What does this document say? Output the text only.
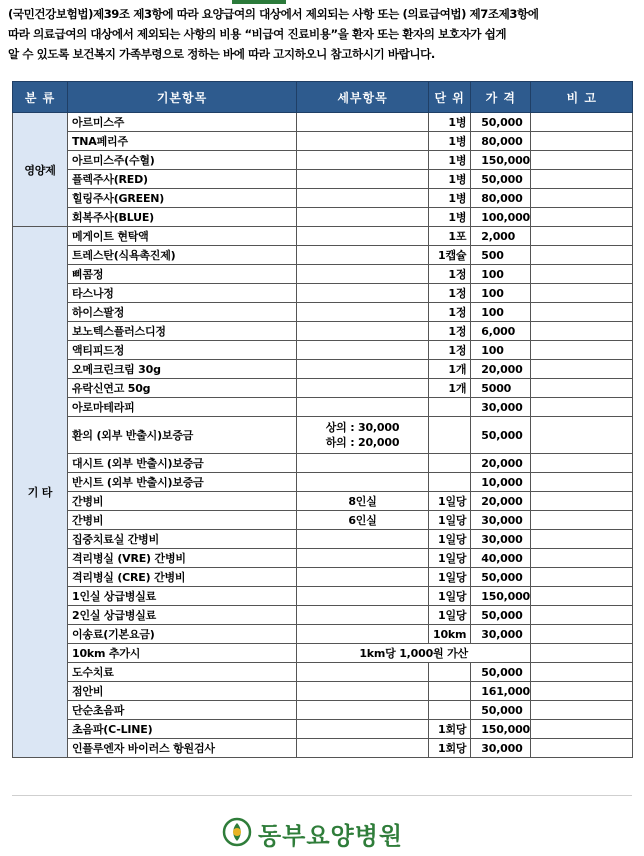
(국민건강보험법)제39조 제3항에 따라 요양급여의 대상에서 제외되는 사항 또는 (의료급여법) 제7조제3항에
따라 의료급여의 대상에서 제외되는 사항의 비용 “비급여 진료비용”을 환자 또는 환자의 보호자가 쉽게
알 수 있도록 보건복지 가족부령으로 정하는 바에 따라 고지하오니 참고하시기 바랍니다.
분 류	기본항목	세부항목	단 위	가 격	비 고
영양제	아르미스주		1병	50,000	
	TNA페리주		1병	80,000	
	아르미스주(수혈)		1병	150,000	
	플렉주사(RED)		1병	50,000	
	힐링주사(GREEN)		1병	80,000	
	회복주사(BLUE)		1병	100,000	
기 타	메게이트 현탁액		1포	2,000	
	트레스탄(식욕촉진제)		1캡슐	500	
	삐콤정		1정	100	
	타스나정		1정	100	
	하이스팔정		1정	100	
	보노텍스플러스디정		1정	6,000	
	액티피드정		1정	100	
	오메크린크림 30g		1개	20,000	
	유락신연고 50g		1개	5000	
	아로마테라피			30,000	
	환의 (외부 반출시)보증금	상의 : 30,000
하의 : 20,000		50,000	
	대시트 (외부 반출시)보증금			20,000	
	반시트 (외부 반출시)보증금			10,000	
	간병비	8인실	1일당	20,000	
	간병비	6인실	1일당	30,000	
	집중치료실 간병비		1일당	30,000	
	격리병실 (VRE) 간병비		1일당	40,000	
	격리병실 (CRE) 간병비		1일당	50,000	
	1인실 상급병실료		1일당	150,000	
	2인실 상급병실료		1일당	50,000	
	이송료(기본요금)		10km	30,000	
	10km 추가시	1km당 1,000원 가산			
	도수치료			50,000	
	점안비			161,000	
	단순초음파			50,000	
	초음파(C-LINE)		1회당	150,000	
	인플루엔자 바이러스 항원검사		1회당	30,000	
동부요양병원
